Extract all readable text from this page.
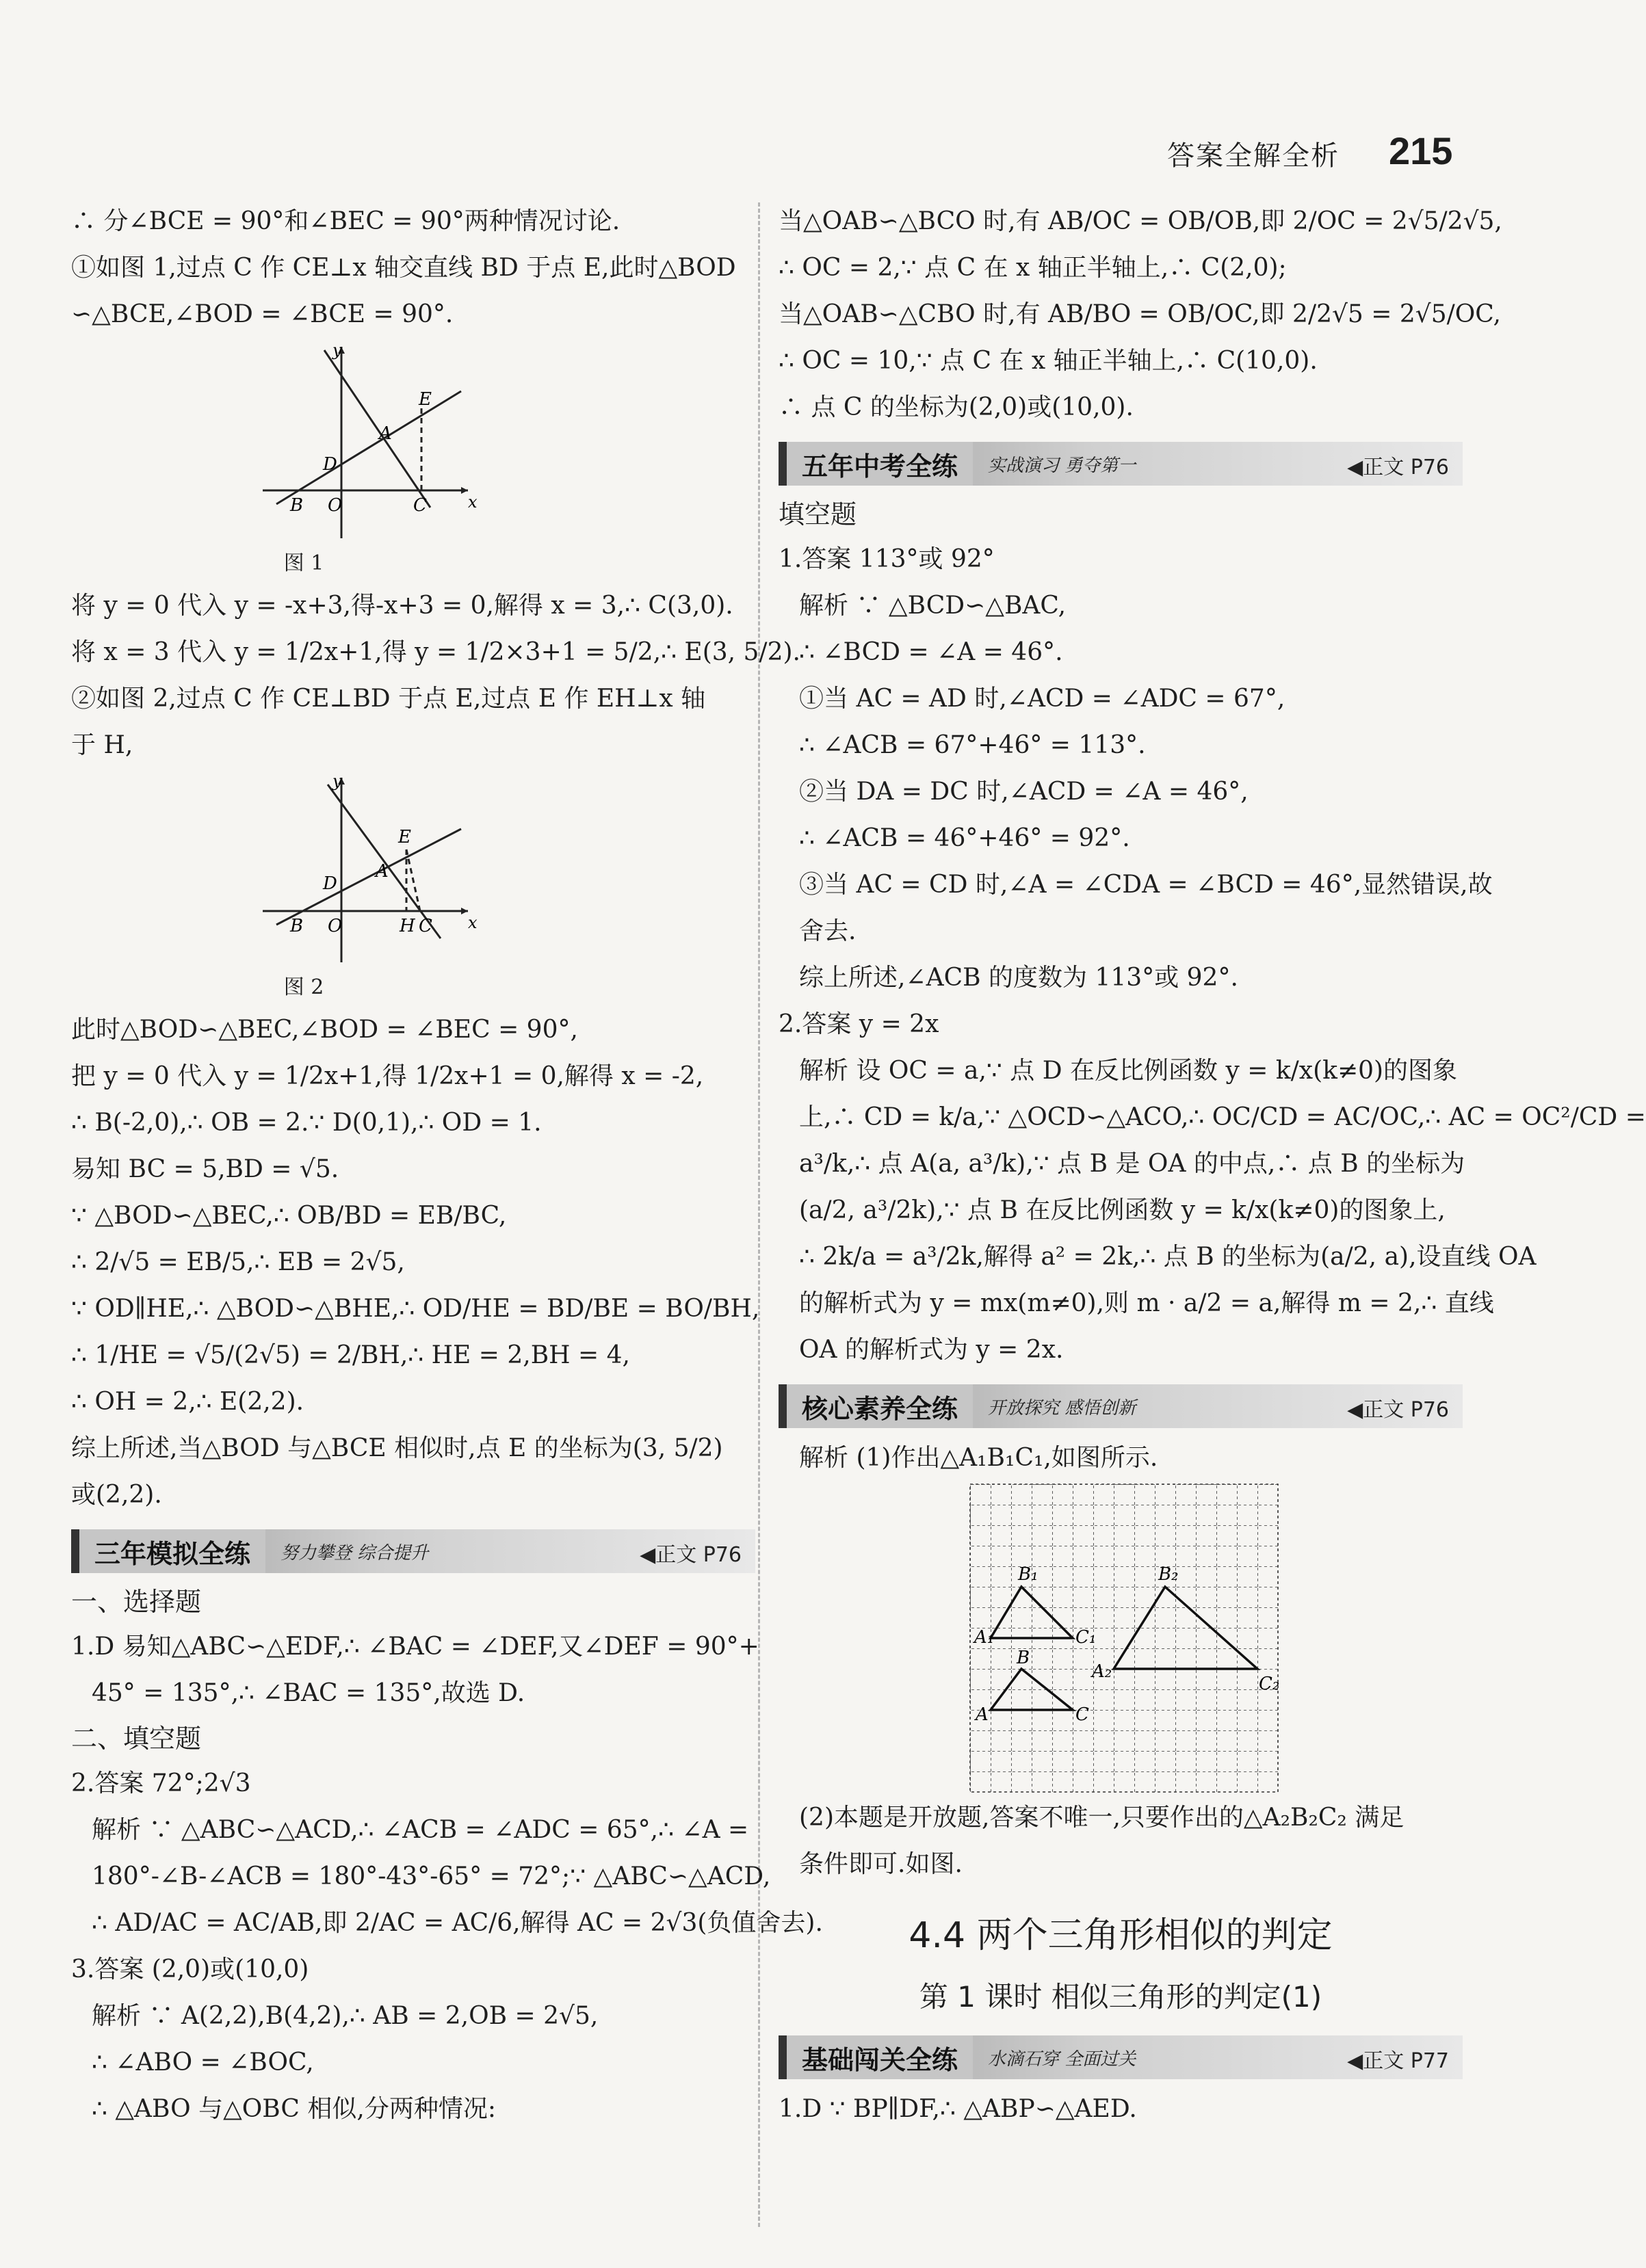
答案全解全析 215
∴ 分∠BCE = 90°和∠BEC = 90°两种情况讨论.
①如图 1,过点 C 作 CE⊥x 轴交直线 BD 于点 E,此时△BOD
∽△BCE,∠BOD = ∠BCE = 90°.
y
x
A
E
D
B O	C
图 1
将 y = 0 代入 y = -x+3,得-x+3 = 0,解得 x = 3,∴ C(3,0).
将 x = 3 代入 y = 1/2x+1,得 y = 1/2×3+1 = 5/2,∴ E(3, 5/2).
②如图 2,过点 C 作 CE⊥BD 于点 E,过点 E 作 EH⊥x 轴
于 H,
y
x
A
E
D
B O	H C
图 2
此时△BOD∽△BEC,∠BOD = ∠BEC = 90°,
把 y = 0 代入 y = 1/2x+1,得 1/2x+1 = 0,解得 x = -2,
∴ B(-2,0),∴ OB = 2.∵ D(0,1),∴ OD = 1.
易知 BC = 5,BD = √5.
∵ △BOD∽△BEC,∴ OB/BD = EB/BC,
∴ 2/√5 = EB/5,∴ EB = 2√5,
∵ OD∥HE,∴ △BOD∽△BHE,∴ OD/HE = BD/BE = BO/BH,
∴ 1/HE = √5/(2√5) = 2/BH,∴ HE = 2,BH = 4,
∴ OH = 2,∴ E(2,2).
综上所述,当△BOD 与△BCE 相似时,点 E 的坐标为(3, 5/2)
或(2,2).
三年模拟全练	努力攀登 综合提升	◀正文 P76
一、选择题
1.D 易知△ABC∽△EDF,∴ ∠BAC = ∠DEF,又∠DEF = 90°+
45° = 135°,∴ ∠BAC = 135°,故选 D.
二、填空题
2.答案 72°;2√3
解析 ∵ △ABC∽△ACD,∴ ∠ACB = ∠ADC = 65°,∴ ∠A =
180°-∠B-∠ACB = 180°-43°-65° = 72°;∵ △ABC∽△ACD,
∴ AD/AC = AC/AB,即 2/AC = AC/6,解得 AC = 2√3(负值舍去).
3.答案 (2,0)或(10,0)
解析 ∵ A(2,2),B(4,2),∴ AB = 2,OB = 2√5,
∴ ∠ABO = ∠BOC,
∴ △ABO 与△OBC 相似,分两种情况:
当△OAB∽△BCO 时,有 AB/OC = OB/OB,即 2/OC = 2√5/2√5,
∴ OC = 2,∵ 点 C 在 x 轴正半轴上,∴ C(2,0);
当△OAB∽△CBO 时,有 AB/BO = OB/OC,即 2/2√5 = 2√5/OC,
∴ OC = 10,∵ 点 C 在 x 轴正半轴上,∴ C(10,0).
∴ 点 C 的坐标为(2,0)或(10,0).
五年中考全练	实战演习 勇夺第一	◀正文 P76
填空题
1.答案 113°或 92°
解析 ∵ △BCD∽△BAC,
∴ ∠BCD = ∠A = 46°.
①当 AC = AD 时,∠ACD = ∠ADC = 67°,
∴ ∠ACB = 67°+46° = 113°.
②当 DA = DC 时,∠ACD = ∠A = 46°,
∴ ∠ACB = 46°+46° = 92°.
③当 AC = CD 时,∠A = ∠CDA = ∠BCD = 46°,显然错误,故
舍去.
综上所述,∠ACB 的度数为 113°或 92°.
2.答案 y = 2x
解析 设 OC = a,∵ 点 D 在反比例函数 y = k/x(k≠0)的图象
上,∴ CD = k/a,∵ △OCD∽△ACO,∴ OC/CD = AC/OC,∴ AC = OC²/CD =
a³/k,∴ 点 A(a, a³/k),∵ 点 B 是 OA 的中点,∴ 点 B 的坐标为
(a/2, a³/2k),∵ 点 B 在反比例函数 y = k/x(k≠0)的图象上,
∴ 2k/a = a³/2k,解得 a² = 2k,∴ 点 B 的坐标为(a/2, a),设直线 OA
的解析式为 y = mx(m≠0),则 m · a/2 = a,解得 m = 2,∴ 直线
OA 的解析式为 y = 2x.
核心素养全练	开放探究 感悟创新	◀正文 P76
解析 (1)作出△A₁B₁C₁,如图所示.
B₁
A₁	C₁
B₂
A₂
C₂
B
A	C
(2)本题是开放题,答案不唯一,只要作出的△A₂B₂C₂ 满足
条件即可.如图.
4.4 两个三角形相似的判定
第 1 课时 相似三角形的判定(1)
基础闯关全练	水滴石穿 全面过关	◀正文 P77
1.D ∵ BP∥DF,∴ △ABP∽△AED.
